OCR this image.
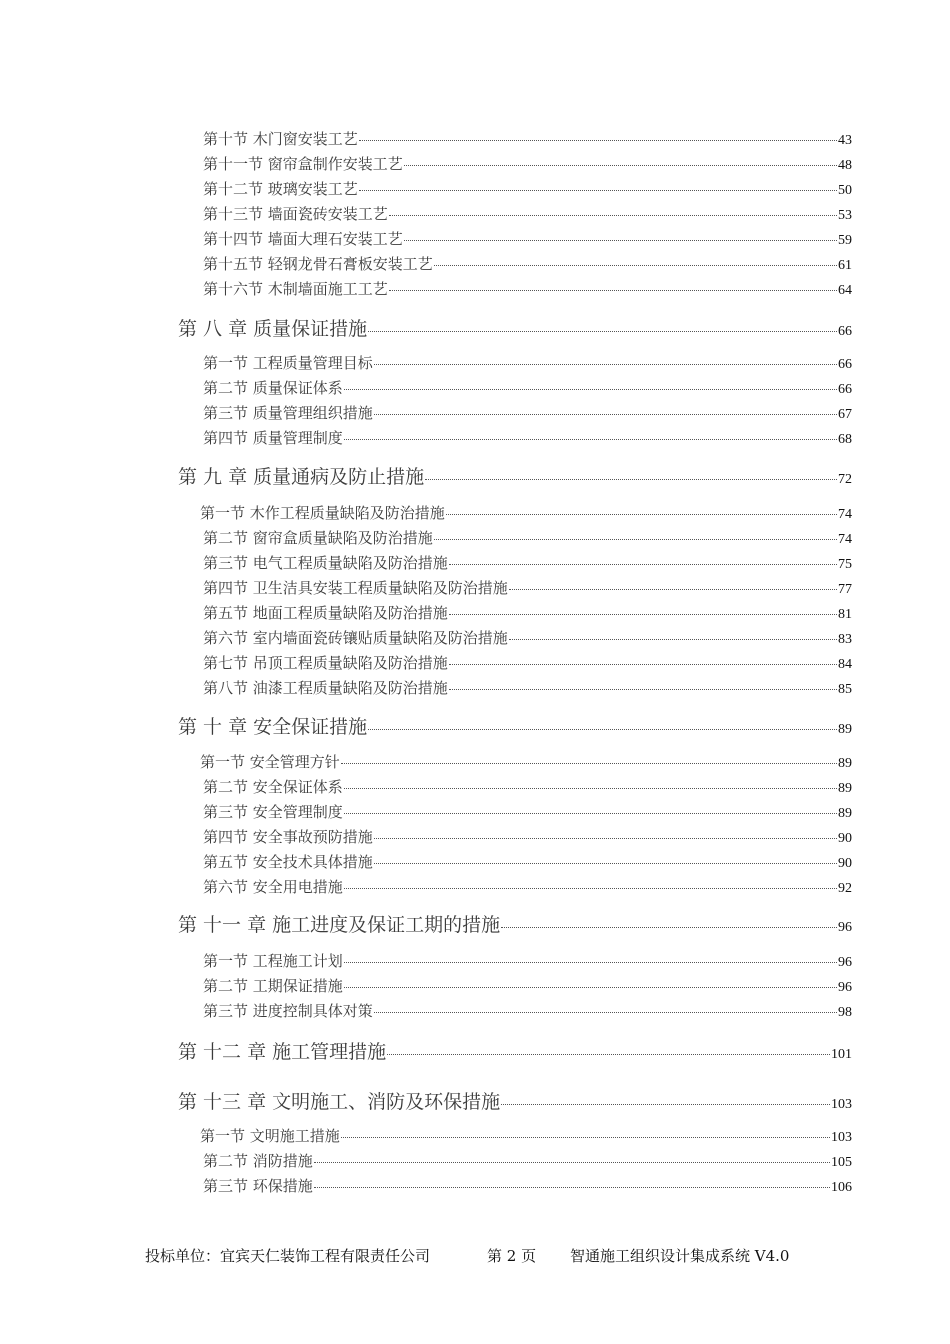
第十节 木门窗安装工艺	43
第十一节 窗帘盒制作安装工艺	48
第十二节 玻璃安装工艺	50
第十三节 墙面瓷砖安装工艺	53
第十四节 墙面大理石安装工艺	59
第十五节 轻钢龙骨石膏板安装工艺	61
第十六节 木制墙面施工工艺	64
第 八 章 质量保证措施	66
第一节 工程质量管理目标	66
第二节 质量保证体系	66
第三节 质量管理组织措施	67
第四节 质量管理制度	68
第 九 章 质量通病及防止措施	72
第一节 木作工程质量缺陷及防治措施	74
第二节 窗帘盒质量缺陷及防治措施	74
第三节 电气工程质量缺陷及防治措施	75
第四节 卫生洁具安装工程质量缺陷及防治措施	77
第五节 地面工程质量缺陷及防治措施	81
第六节 室内墙面瓷砖镶贴质量缺陷及防治措施	83
第七节 吊顶工程质量缺陷及防治措施	84
第八节 油漆工程质量缺陷及防治措施	85
第 十 章 安全保证措施	89
第一节 安全管理方针	89
第二节 安全保证体系	89
第三节 安全管理制度	89
第四节 安全事故预防措施	90
第五节 安全技术具体措施	90
第六节 安全用电措施	92
第 十一 章 施工进度及保证工期的措施	96
第一节 工程施工计划	96
第二节 工期保证措施	96
第三节 进度控制具体对策	98
第 十二 章 施工管理措施	101
第 十三 章 文明施工、消防及环保措施	103
第一节 文明施工措施	103
第二节 消防措施	105
第三节 环保措施	106
投标单位：宜宾天仁装饰工程有限责任公司	第 2 页 智通施工组织设计集成系统 V4.0
